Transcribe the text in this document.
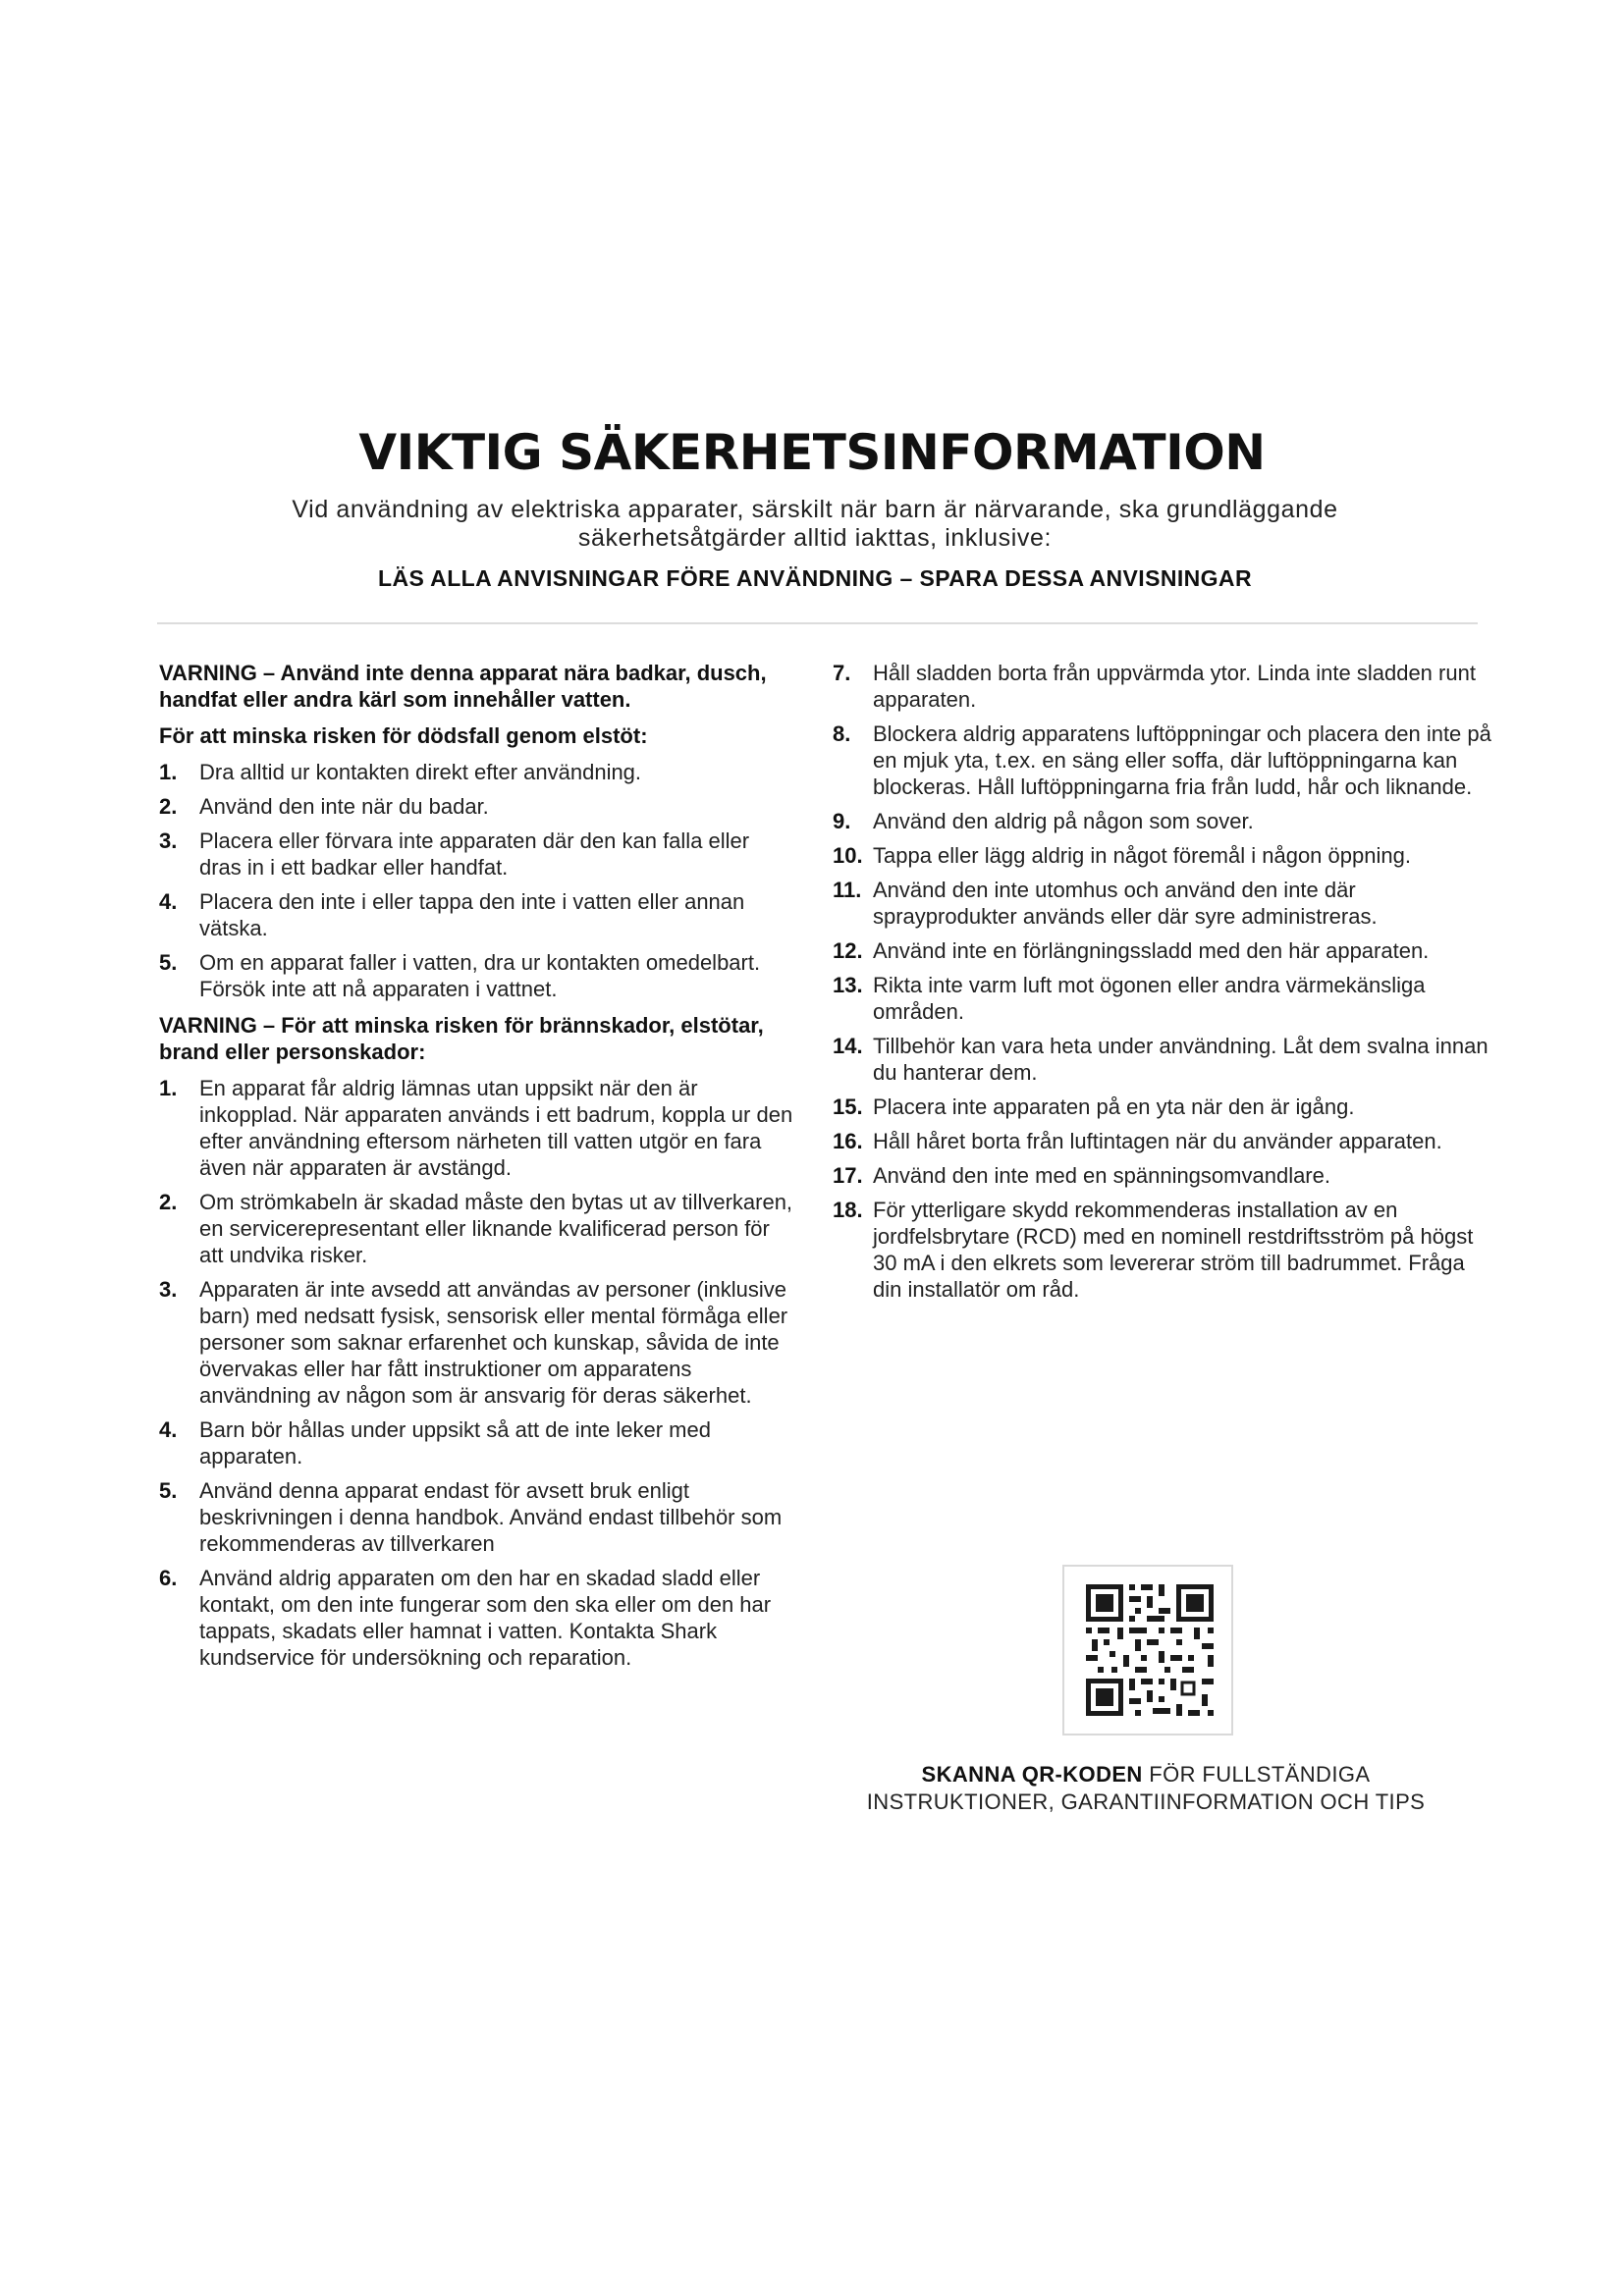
VIKTIG SÄKERHETSINFORMATION
Vid användning av elektriska apparater, särskilt när barn är närvarande, ska grundläggande säkerhetsåtgärder alltid iakttas, inklusive:
LÄS ALLA ANVISNINGAR FÖRE ANVÄNDNING – SPARA DESSA ANVISNINGAR
VARNING – Använd inte denna apparat nära badkar, dusch, handfat eller andra kärl som innehåller vatten.
För att minska risken för dödsfall genom elstöt:
1.	Dra alltid ur kontakten direkt efter användning.
2.	Använd den inte när du badar.
3.	Placera eller förvara inte apparaten där den kan falla eller dras in i ett badkar eller handfat.
4.	Placera den inte i eller tappa den inte i vatten eller annan vätska.
5.	Om en apparat faller i vatten, dra ur kontakten omedelbart. Försök inte att nå apparaten i vattnet.
VARNING – För att minska risken för brännskador, elstötar, brand eller personskador:
1.	En apparat får aldrig lämnas utan uppsikt när den är inkopplad. När apparaten används i ett badrum, koppla ur den efter användning eftersom närheten till vatten utgör en fara även när apparaten är avstängd.
2.	Om strömkabeln är skadad måste den bytas ut av tillverkaren, en servicerepresentant eller liknande kvalificerad person för att undvika risker.
3.	Apparaten är inte avsedd att användas av personer (inklusive barn) med nedsatt fysisk, sensorisk eller mental förmåga eller personer som saknar erfarenhet och kunskap, såvida de inte övervakas eller har fått instruktioner om apparatens användning av någon som är ansvarig för deras säkerhet.
4.	Barn bör hållas under uppsikt så att de inte leker med apparaten.
5.	Använd denna apparat endast för avsett bruk enligt beskrivningen i denna handbok. Använd endast tillbehör som rekommenderas av tillverkaren
6.	Använd aldrig apparaten om den har en skadad sladd eller kontakt, om den inte fungerar som den ska eller om den har tappats, skadats eller hamnat i vatten. Kontakta Shark kundservice för undersökning och reparation.
7.	Håll sladden borta från uppvärmda ytor. Linda inte sladden runt apparaten.
8.	Blockera aldrig apparatens luftöppningar och placera den inte på en mjuk yta, t.ex. en säng eller soffa, där luftöppningarna kan blockeras. Håll luftöppningarna fria från ludd, hår och liknande.
9.	Använd den aldrig på någon som sover.
10. Tappa eller lägg aldrig in något föremål i någon öppning.
11. Använd den inte utomhus och använd den inte där sprayprodukter används eller där syre administreras.
12. Använd inte en förlängningssladd med den här apparaten.
13. Rikta inte varm luft mot ögonen eller andra värmekänsliga områden.
14. Tillbehör kan vara heta under användning. Låt dem svalna innan du hanterar dem.
15. Placera inte apparaten på en yta när den är igång.
16. Håll håret borta från luftintagen när du använder apparaten.
17. Använd den inte med en spänningsomvandlare.
18. För ytterligare skydd rekommenderas installation av en jordfelsbrytare (RCD) med en nominell restdriftsström på högst 30 mA i den elkrets som levererar ström till badrummet. Fråga din installatör om råd.
SKANNA QR-KODEN FÖR FULLSTÄNDIGA INSTRUKTIONER, GARANTIINFORMATION OCH TIPS
